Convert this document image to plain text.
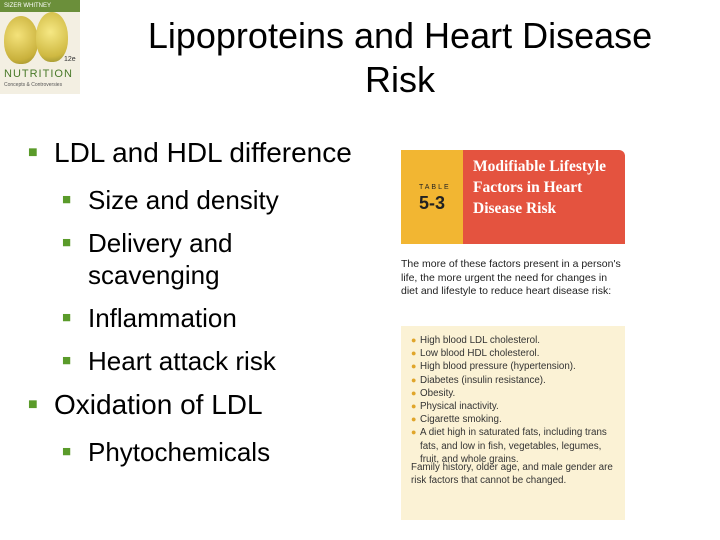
SIZER WHITNEY
12e
NUTRITION
Concepts & Controversies
Lipoproteins and Heart Disease
Risk
■ LDL and HDL difference
■ Size and density
■ Delivery and scavenging
■ Inflammation
■ Heart attack risk
■ Oxidation of LDL
■ Phytochemicals
TABLE
5-3
Modifiable Lifestyle Factors in Heart Disease Risk
The more of these factors present in a person's life, the more urgent the need for changes in diet and lifestyle to reduce heart disease risk:
● High blood LDL cholesterol.
● Low blood HDL cholesterol.
● High blood pressure (hypertension).
● Diabetes (insulin resistance).
● Obesity.
● Physical inactivity.
● Cigarette smoking.
● A diet high in saturated fats, including trans fats, and low in fish, vegetables, legumes, fruit, and whole grains.
Family history, older age, and male gender are risk factors that cannot be changed.
